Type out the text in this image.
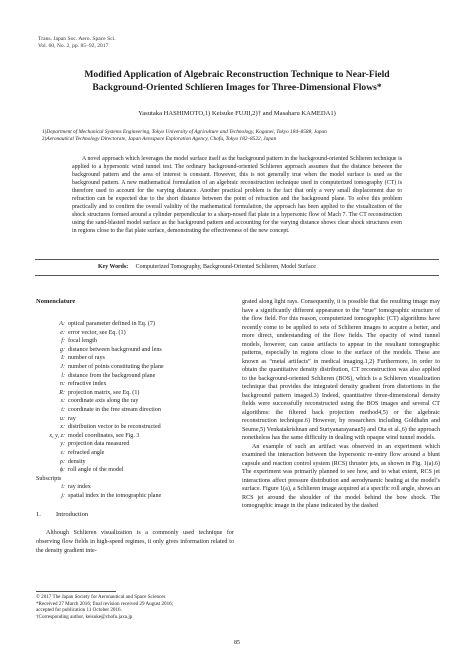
Trans. Japan Soc. Aero. Space Sci.
Vol. 60, No. 2, pp. 85–92, 2017
Modified Application of Algebraic Reconstruction Technique to Near-Field
Background-Oriented Schlieren Images for Three-Dimensional Flows*
Yasutaka HASHIMOTO,1) Keisuke FUJII,2)† and Masaharu KAMEDA1)
1) Department of Mechanical Systems Engineering, Tokyo University of Agriculture and Technology, Koganei, Tokyo 184–8588, Japan
2) Aeronautical Technology Directorate, Japan Aerospace Exploration Agency, Chofu, Tokyo 182–8522, Japan
A novel approach which leverages the model surface itself as the background pattern in the background-oriented Schlieren technique is applied to a hypersonic wind tunnel test. The ordinary background-oriented Schlieren approach assumes that the distance between the background pattern and the area of interest is constant. However, this is not generally true when the model surface is used as the background pattern. A new mathematical formulation of an algebraic reconstruction technique used in computerized tomography (CT) is therefore used to account for the varying distance. Another practical problem is the fact that only a very small displacement due to refraction can be expected due to the short distance between the point of refraction and the background plane. To solve this problem practically and to confirm the overall validity of the mathematical formulation, the approach has been applied to the visualization of the shock structures formed around a cylinder perpendicular to a sharp-nosed flat plate in a hypersonic flow of Mach 7. The CT reconstruction using the sand-blasted model surface as the background pattern and accounting for the varying distance shows clear shock structures even in regions close to the flat plate surface, demonstrating the effectiveness of the new concept.
Key Words: Computerized Tomography, Background-Oriented Schlieren, Model Surface
Nomenclature
A: optical parameter defined in Eq. (7)
e: error vector, see Eq. (1)
f: focal length
g: distance between background and lens
I: number of rays
J: number of points constituting the plane
l: distance from the background plane
n: refractive index
R: projection matrix, see Eq. (1)
s: coordinate axis along the ray
t: coordinate in the free stream direction
u: ray
x: distribution vector to be reconstructed
x, y, z: model coordinates, see Fig. 3
y: projection data measured
ε: refracted angle
ρ: density
ϕ: roll angle of the model
Subscripts
i: ray index
j: spatial index in the tomographic plane
1.	Introduction
Although Schlieren visualization is a commonly used technique for observing flow fields in high-speed regimes, it only gives information related to the density gradient inte-

grated along light rays. Consequently, it is possible that the resulting image may have a significantly different appearance to the “true” tomographic structure of the flow field. For this reason, computerized tomographic (CT) algorithms have recently come to be applied to sets of Schlieren images to acquire a better, and more direct, understanding of the flow fields. The opacity of wind tunnel models, however, can cause artifacts to appear in the resultant tomographic patterns, especially in regions close to the surface of the models. These are known as “metal artifacts” in medical imaging.1,2) Furthermore, in order to obtain the quantitative density distribution, CT reconstruction was also applied to the background-oriented Schlieren (BOS), which is a Schlieren visualization technique that provides the integrated density gradient from distortions in the background pattern imaged.3) Indeed, quantitative three-dimensional density fields were successfully reconstructed using the BOS images and several CT algorithms: the filtered back projection method4,5) or the algebraic reconstruction technique.6) However, by researchers including Goldhahn and Seume,5) Venkatakrishnan and Suriyanarayanan5) and Ota et al.,6) the approach nonetheless has the same difficulty in dealing with opaque wind tunnel models.

An example of such an artifact was observed in an experiment which examined the interaction between the hypersonic re-entry flow around a blunt capsule and reaction control system (RCS) thruster jets, as shown in Fig. 1(a).6) The experiment was primarily planned to see how, and to what extent, RCS jet interactions affect pressure distribution and aerodynamic heating at the model’s surface. Figure 1(a), a Schlieren image acquired at a specific roll angle, shows an RCS jet around the shoulder of the model behind the bow shock. The tomographic image in the plane indicated by the dashed

© 2017 The Japan Society for Aeronautical and Space Sciences
*Received 27 March 2016; final revision received 29 August 2016;
accepted for publication 11 October 2016.
†Corresponding author, keisuke@chofu.jaxa.jp
85
